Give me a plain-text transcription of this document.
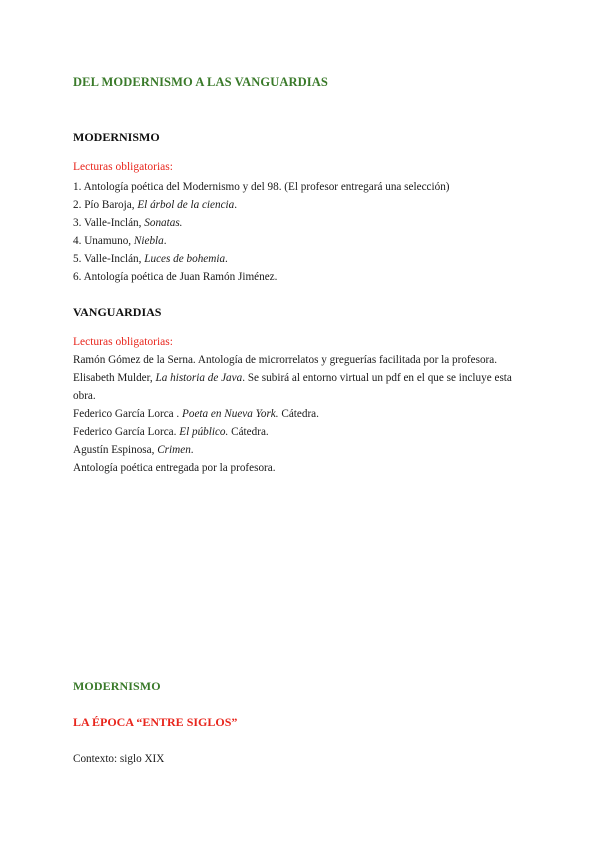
DEL MODERNISMO A LAS VANGUARDIAS
MODERNISMO
Lecturas obligatorias:
1. Antología poética del Modernismo y del 98. (El profesor entregará una selección)
2. Pío Baroja, El árbol de la ciencia.
3. Valle-Inclán, Sonatas.
4. Unamuno, Niebla.
5. Valle-Inclán, Luces de bohemia.
6. Antología poética de Juan Ramón Jiménez.
VANGUARDIAS
Lecturas obligatorias:
Ramón Gómez de la Serna. Antología de microrrelatos y greguerías facilitada por la profesora.
Elisabeth Mulder, La historia de Java. Se subirá al entorno virtual un pdf en el que se incluye esta
obra.
Federico García Lorca . Poeta en Nueva York. Cátedra.
Federico García Lorca. El público. Cátedra.
Agustín Espinosa, Crimen.
Antología poética entregada por la profesora.
MODERNISMO
LA ÉPOCA “ENTRE SIGLOS”
Contexto: siglo XIX
